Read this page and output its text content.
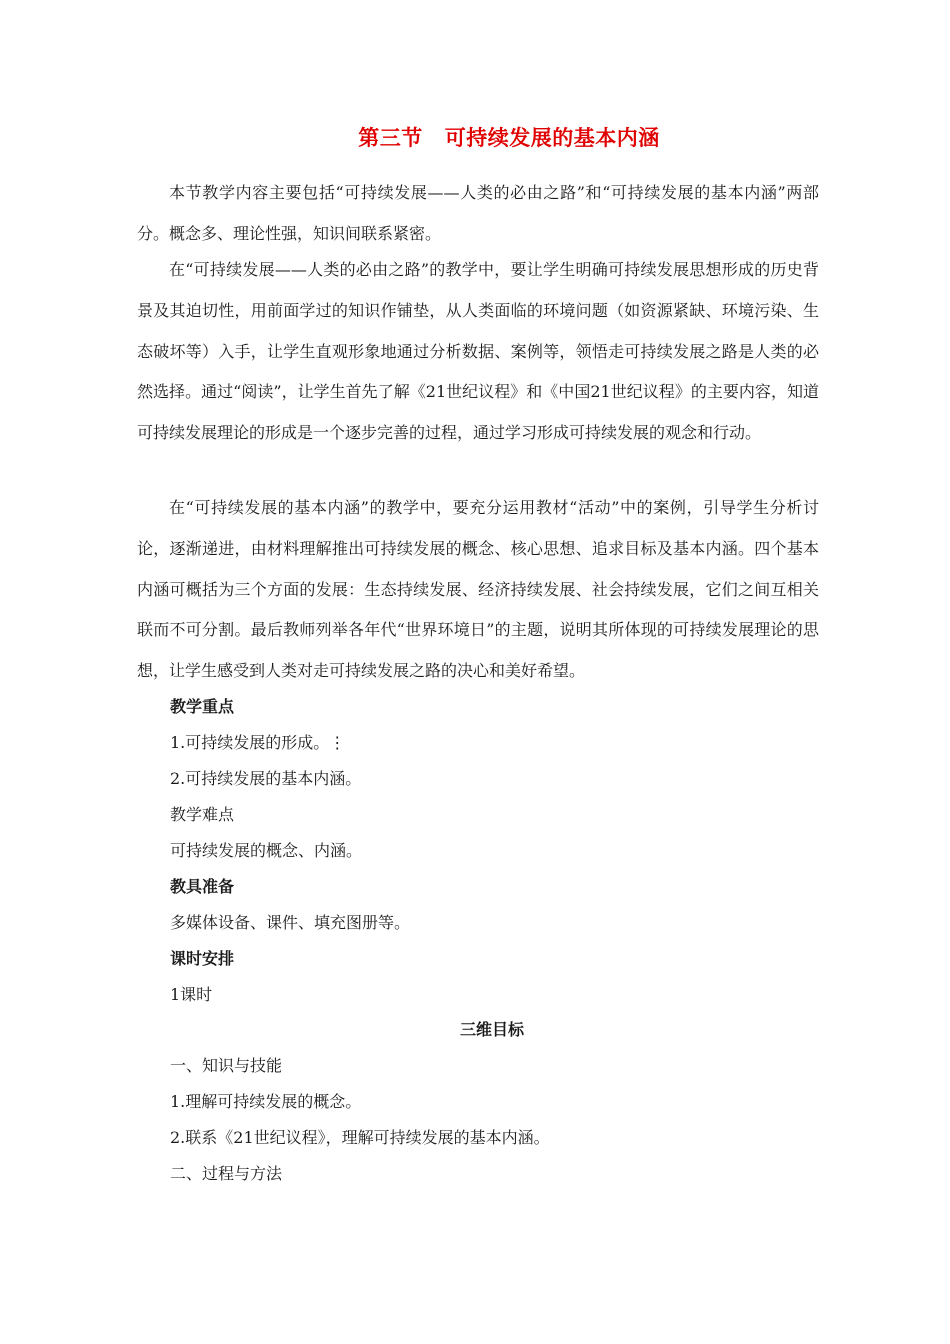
第三节 可持续发展的基本内涵

本节教学内容主要包括“可持续发展——人类的必由之路”和“可持续发展的基本内涵”两部分。概念多、理论性强，知识间联系紧密。

在“可持续发展——人类的必由之路”的教学中，要让学生明确可持续发展思想形成的历史背景及其迫切性，用前面学过的知识作铺垫，从人类面临的环境问题（如资源紧缺、环境污染、生态破坏等）入手，让学生直观形象地通过分析数据、案例等，领悟走可持续发展之路是人类的必然选择。通过“阅读”，让学生首先了解《21世纪议程》和《中国21世纪议程》的主要内容，知道可持续发展理论的形成是一个逐步完善的过程，通过学习形成可持续发展的观念和行动。

在“可持续发展的基本内涵”的教学中，要充分运用教材“活动”中的案例，引导学生分析讨论，逐渐递进，由材料理解推出可持续发展的概念、核心思想、追求目标及基本内涵。四个基本内涵可概括为三个方面的发展：生态持续发展、经济持续发展、社会持续发展，它们之间互相关联而不可分割。最后教师列举各年代“世界环境日”的主题，说明其所体现的可持续发展理论的思想，让学生感受到人类对走可持续发展之路的决心和美好希望。

教学重点
1.可持续发展的形成。⋮
2.可持续发展的基本内涵。
教学难点
可持续发展的概念、内涵。
教具准备
多媒体设备、课件、填充图册等。
课时安排
1课时
三维目标
一、知识与技能
1.理解可持续发展的概念。
2.联系《21世纪议程》，理解可持续发展的基本内涵。
二、过程与方法
